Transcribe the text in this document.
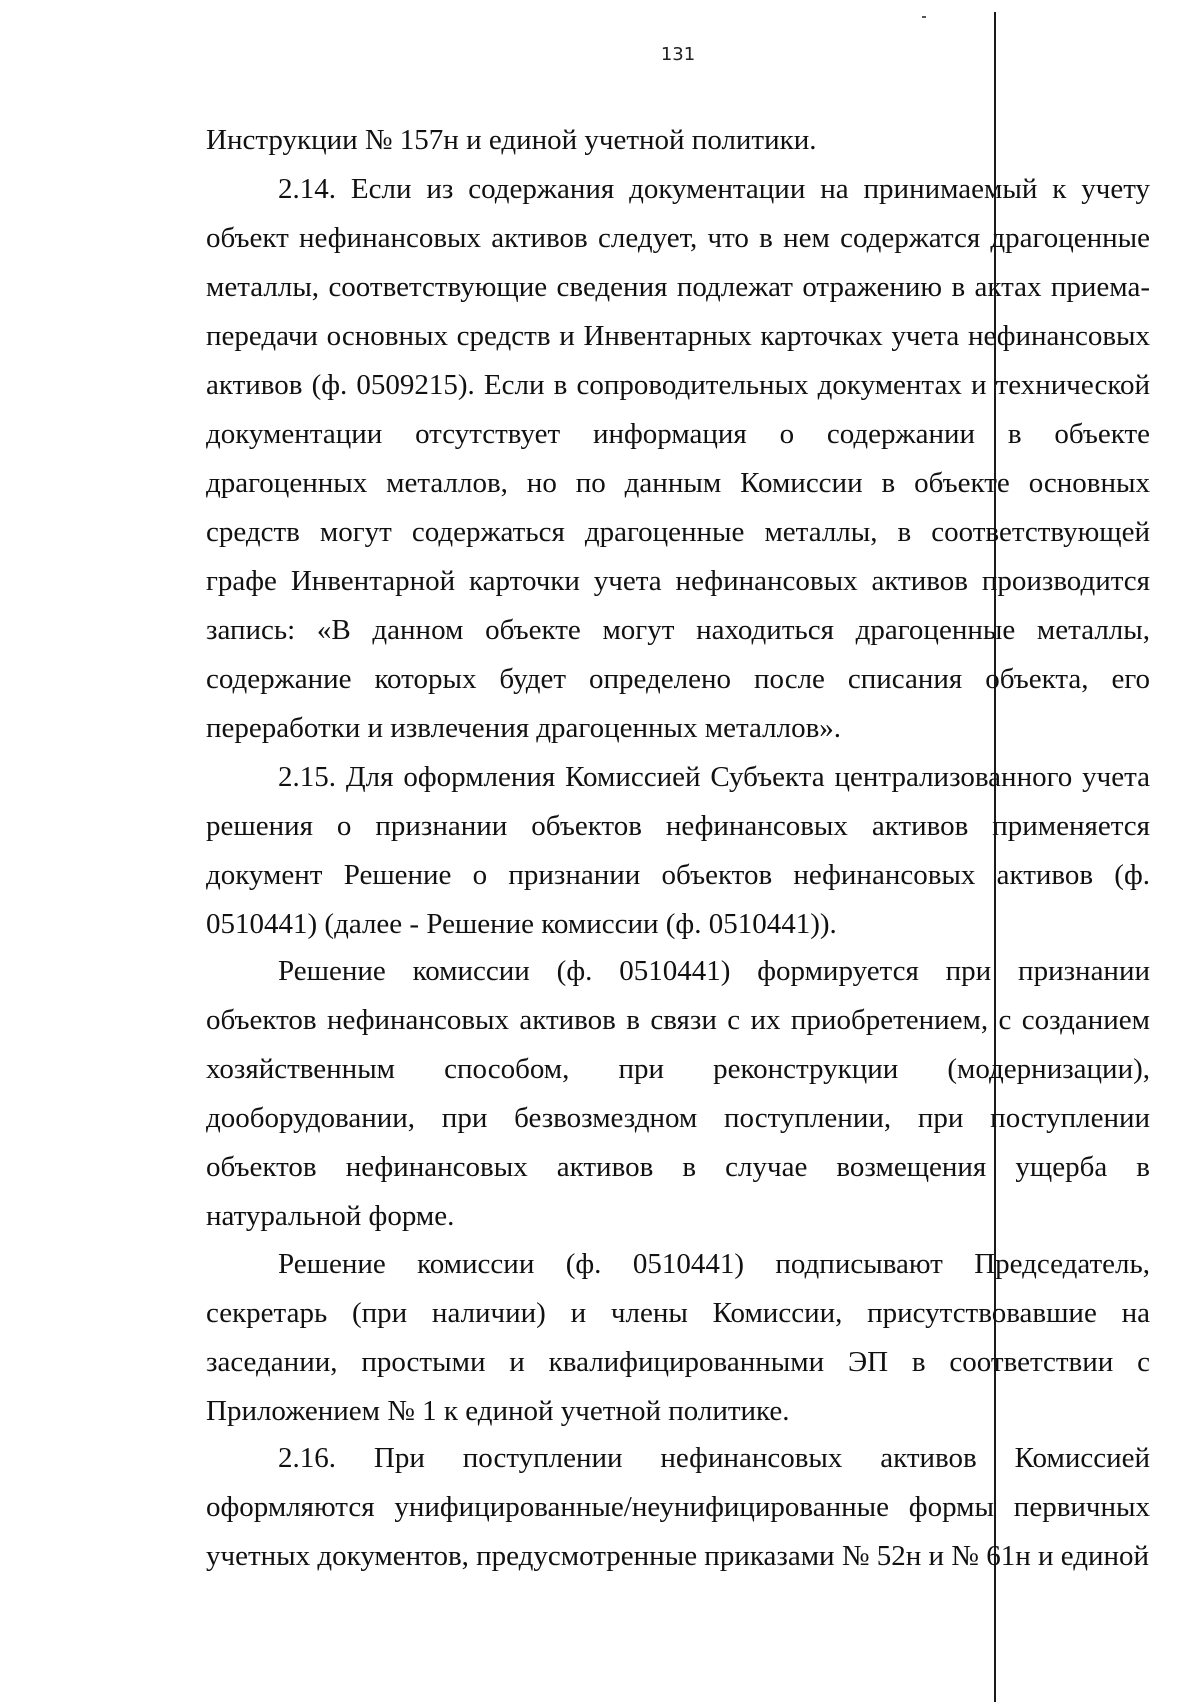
131

Инструкции № 157н и единой учетной политики.

2.14. Если из содержания документации на принимаемый к учету объект нефинансовых активов следует, что в нем содержатся драгоценные металлы, соответствующие сведения подлежат отражению в актах приема-передачи основных средств и Инвентарных карточках учета нефинансовых активов (ф. 0509215). Если в сопроводительных документах и технической документации отсутствует информация о содержании в объекте драгоценных металлов, но по данным Комиссии в объекте основных средств могут содержаться драгоценные металлы, в соответствующей графе Инвентарной карточки учета нефинансовых активов производится запись: «В данном объекте могут находиться драгоценные металлы, содержание которых будет определено после списания объекта, его переработки и извлечения драгоценных металлов».

2.15. Для оформления Комиссией Субъекта централизованного учета решения о признании объектов нефинансовых активов применяется документ Решение о признании объектов нефинансовых активов (ф. 0510441) (далее - Решение комиссии (ф. 0510441)).

Решение комиссии (ф. 0510441) формируется при признании объектов нефинансовых активов в связи с их приобретением, с созданием хозяйственным способом, при реконструкции (модернизации), дооборудовании, при безвозмездном поступлении, при поступлении объектов нефинансовых активов в случае возмещения ущерба в натуральной форме.

Решение комиссии (ф. 0510441) подписывают Председатель, секретарь (при наличии) и члены Комиссии, присутствовавшие на заседании, простыми и квалифицированными ЭП в соответствии с Приложением № 1 к единой учетной политике.

2.16. При поступлении нефинансовых активов Комиссией оформляются унифицированные/неунифицированные формы первичных учетных документов, предусмотренные приказами № 52н и № 61н и единой
